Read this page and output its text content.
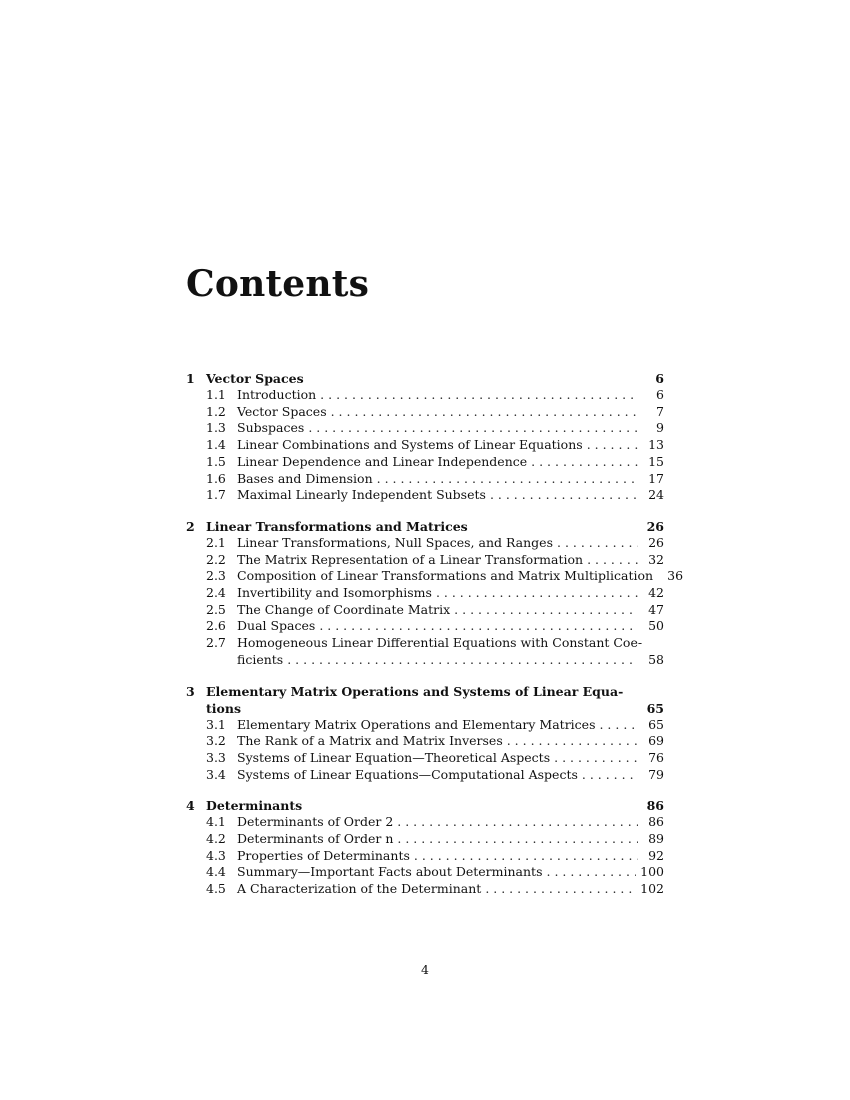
Contents
1 Vector Spaces	6
1.1 Introduction . . .	6
1.2 Vector Spaces . . .	7
1.3 Subspaces . . .	9
1.4 Linear Combinations and Systems of Linear Equations . . .	13
1.5 Linear Dependence and Linear Independence . . .	15
1.6 Bases and Dimension . . .	17
1.7 Maximal Linearly Independent Subsets . . .	24
2 Linear Transformations and Matrices	26
2.1 Linear Transformations, Null Spaces, and Ranges . . .	26
2.2 The Matrix Representation of a Linear Transformation . . .	32
2.3 Composition of Linear Transformations and Matrix Multiplication	36
2.4 Invertibility and Isomorphisms . . .	42
2.5 The Change of Coordinate Matrix . . .	47
2.6 Dual Spaces . . .	50
2.7 Homogeneous Linear Differential Equations with Constant Coe-
ficients . . .	58
3 Elementary Matrix Operations and Systems of Linear Equa-
tions	65
3.1 Elementary Matrix Operations and Elementary Matrices . . .	65
3.2 The Rank of a Matrix and Matrix Inverses . . .	69
3.3 Systems of Linear Equation—Theoretical Aspects . . .	76
3.4 Systems of Linear Equations—Computational Aspects . . .	79
4 Determinants	86
4.1 Determinants of Order 2 . . .	86
4.2 Determinants of Order n . . .	89
4.3 Properties of Determinants . . .	92
4.4 Summary—Important Facts about Determinants . . .	100
4.5 A Characterization of the Determinant . . .	102
4
